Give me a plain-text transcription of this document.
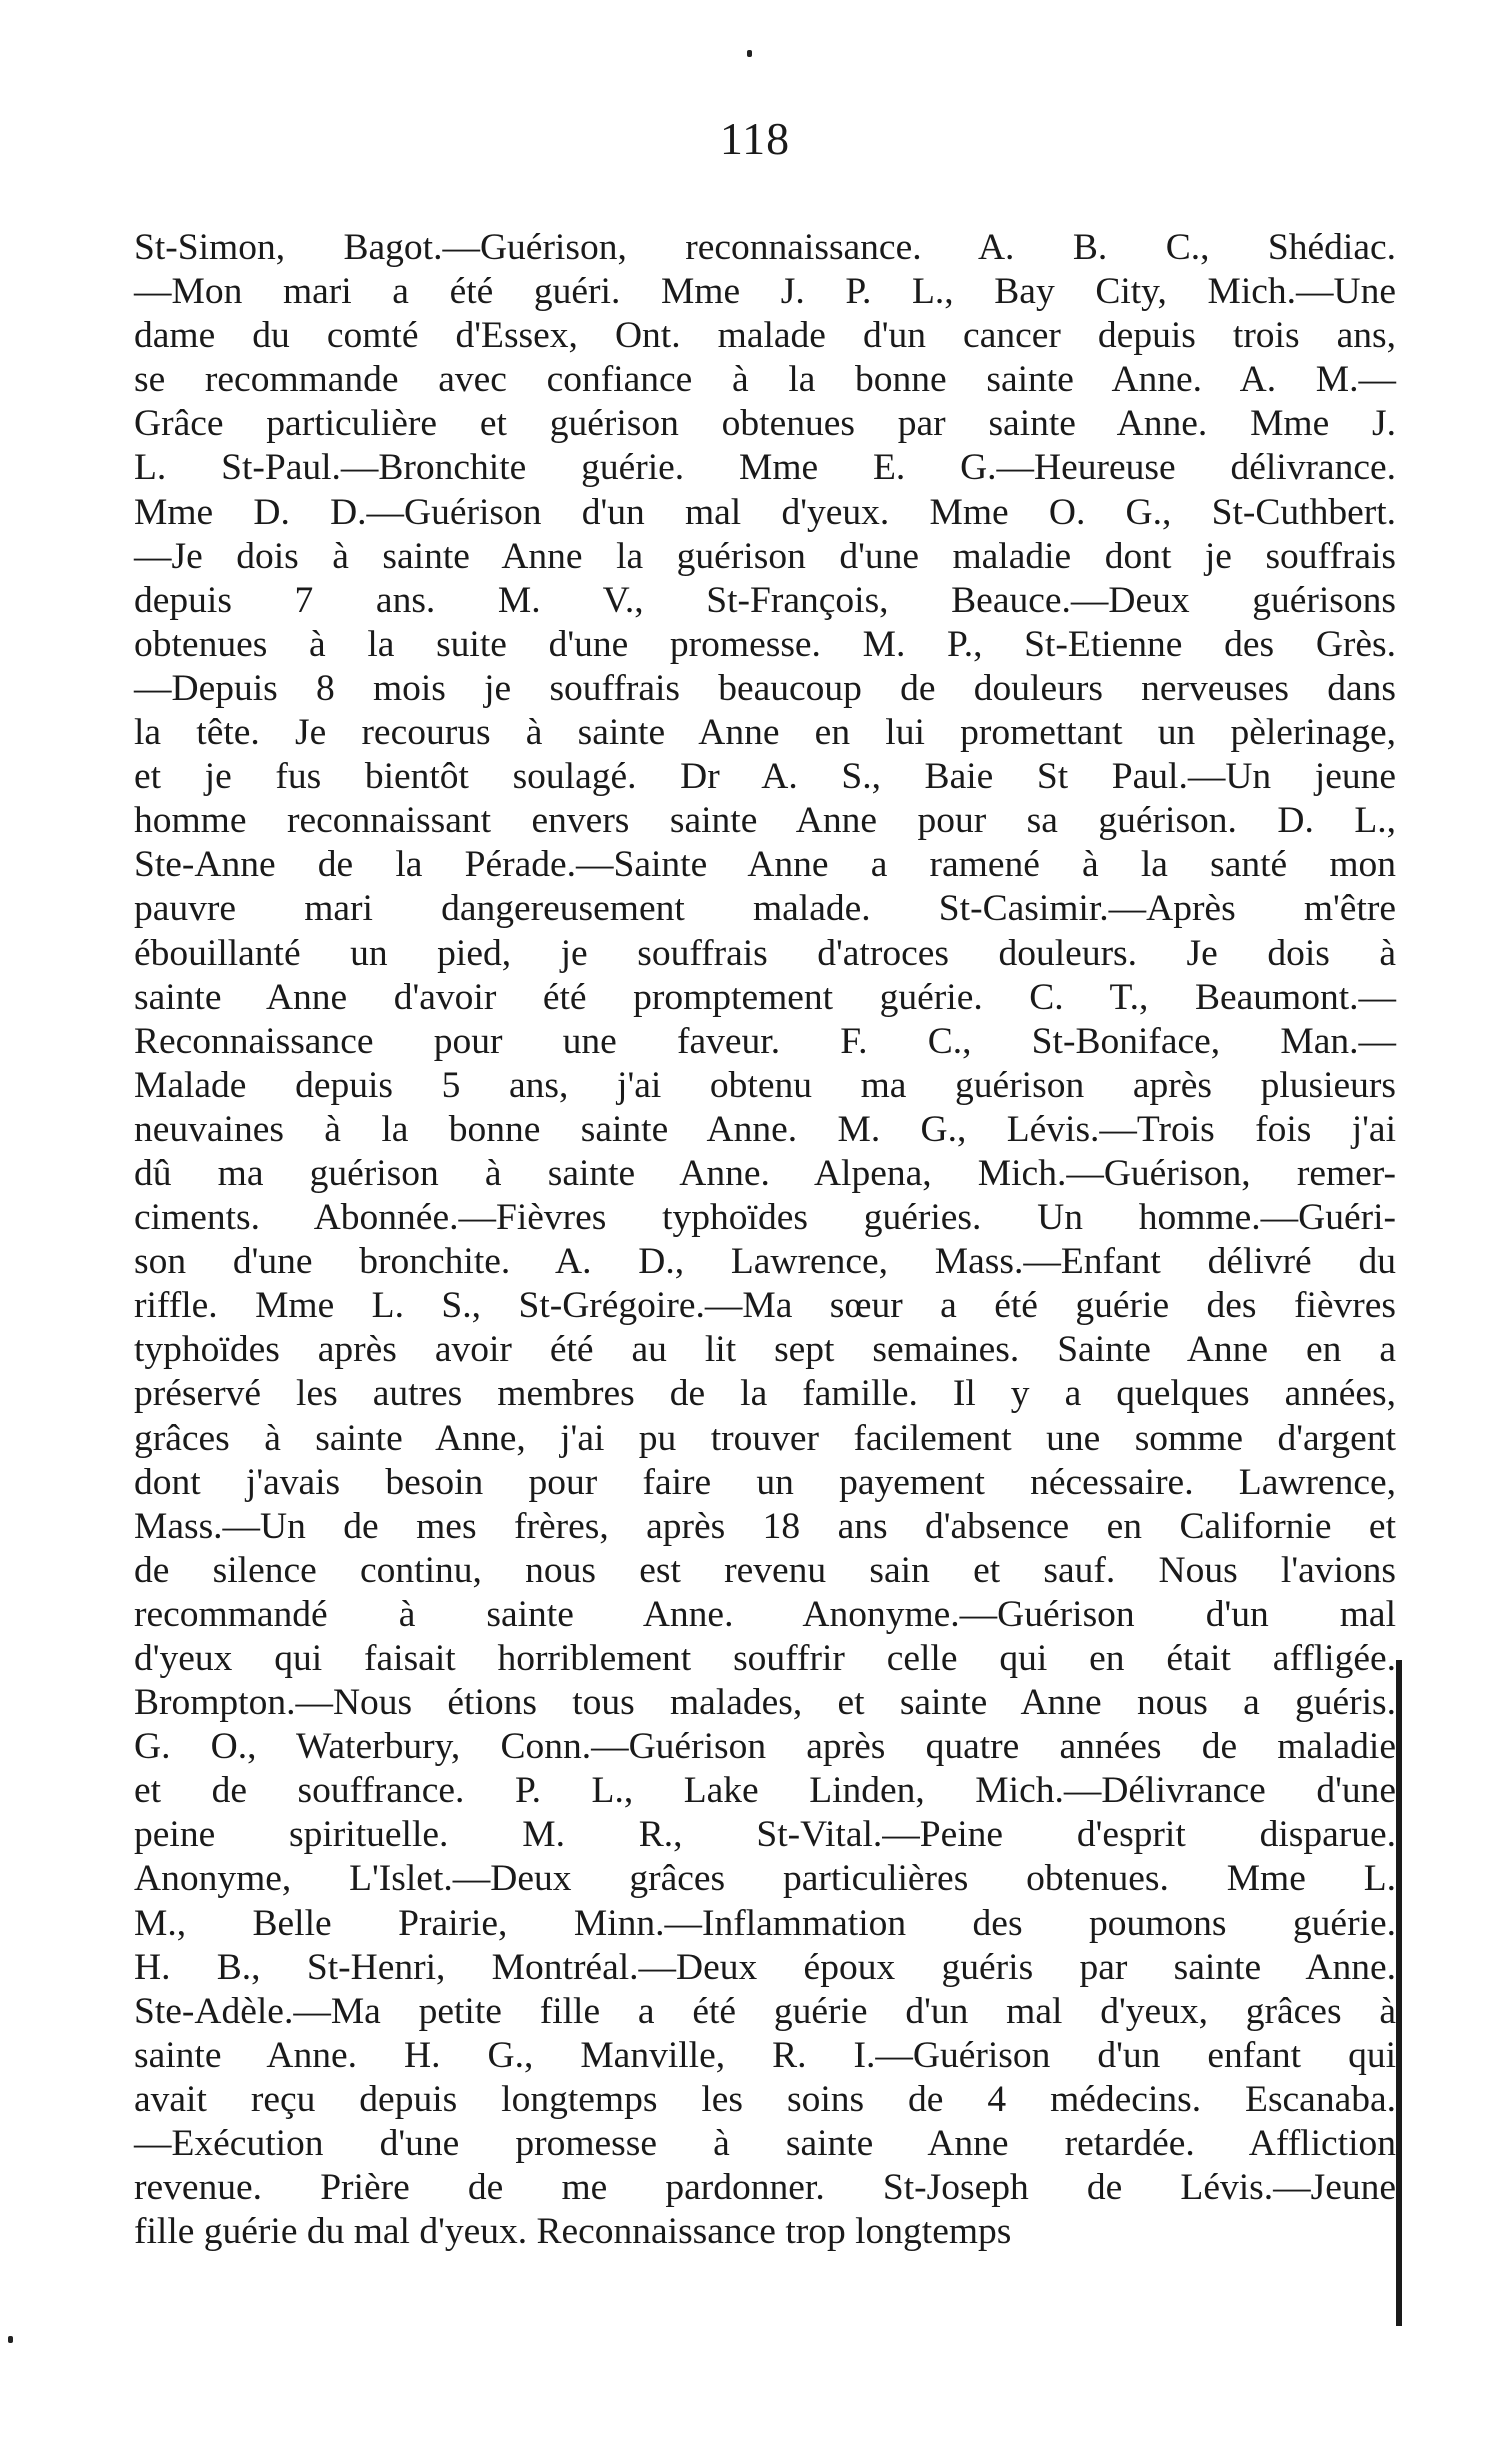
118
St-Simon, Bagot.—Guérison, reconnaissance. A. B. C., Shédiac.
—Mon mari a été guéri. Mme J. P. L., Bay City, Mich.—Une
dame du comté d'Essex, Ont. malade d'un cancer depuis trois ans,
se recommande avec confiance à la bonne sainte Anne. A. M.—
Grâce particulière et guérison obtenues par sainte Anne. Mme J.
L. St-Paul.—Bronchite guérie. Mme E. G.—Heureuse délivrance.
Mme D. D.—Guérison d'un mal d'yeux. Mme O. G., St-Cuthbert.
—Je dois à sainte Anne la guérison d'une maladie dont je souffrais
depuis 7 ans. M. V., St-François, Beauce.—Deux guérisons
obtenues à la suite d'une promesse. M. P., St-Etienne des Grès.
—Depuis 8 mois je souffrais beaucoup de douleurs nerveuses dans
la tête. Je recourus à sainte Anne en lui promettant un pèlerinage,
et je fus bientôt soulagé. Dr A. S., Baie St Paul.—Un jeune
homme reconnaissant envers sainte Anne pour sa guérison. D. L.,
Ste-Anne de la Pérade.—Sainte Anne a ramené à la santé mon
pauvre mari dangereusement malade. St-Casimir.—Après m'être
ébouillanté un pied, je souffrais d'atroces douleurs. Je dois à
sainte Anne d'avoir été promptement guérie. C. T., Beaumont.—
Reconnaissance pour une faveur. F. C., St-Boniface, Man.—
Malade depuis 5 ans, j'ai obtenu ma guérison après plusieurs
neuvaines à la bonne sainte Anne. M. G., Lévis.—Trois fois j'ai
dû ma guérison à sainte Anne. Alpena, Mich.—Guérison, remer-
ciments. Abonnée.—Fièvres typhoïdes guéries. Un homme.—Guéri-
son d'une bronchite. A. D., Lawrence, Mass.—Enfant délivré du
riffle. Mme L. S., St-Grégoire.—Ma sœur a été guérie des fièvres
typhoïdes après avoir été au lit sept semaines. Sainte Anne en a
préservé les autres membres de la famille. Il y a quelques années,
grâces à sainte Anne, j'ai pu trouver facilement une somme d'argent
dont j'avais besoin pour faire un payement nécessaire. Lawrence,
Mass.—Un de mes frères, après 18 ans d'absence en Californie et
de silence continu, nous est revenu sain et sauf. Nous l'avions
recommandé à sainte Anne. Anonyme.—Guérison d'un mal
d'yeux qui faisait horriblement souffrir celle qui en était affligée.
Brompton.—Nous étions tous malades, et sainte Anne nous a guéris.
G. O., Waterbury, Conn.—Guérison après quatre années de maladie
et de souffrance. P. L., Lake Linden, Mich.—Délivrance d'une
peine spirituelle. M. R., St-Vital.—Peine d'esprit disparue.
Anonyme, L'Islet.—Deux grâces particulières obtenues. Mme L.
M., Belle Prairie, Minn.—Inflammation des poumons guérie.
H. B., St-Henri, Montréal.—Deux époux guéris par sainte Anne.
Ste-Adèle.—Ma petite fille a été guérie d'un mal d'yeux, grâces à
sainte Anne. H. G., Manville, R. I.—Guérison d'un enfant qui
avait reçu depuis longtemps les soins de 4 médecins. Escanaba.
—Exécution d'une promesse à sainte Anne retardée. Affliction
revenue. Prière de me pardonner. St-Joseph de Lévis.—Jeune
fille guérie du mal d'yeux. Reconnaissance trop longtemps
